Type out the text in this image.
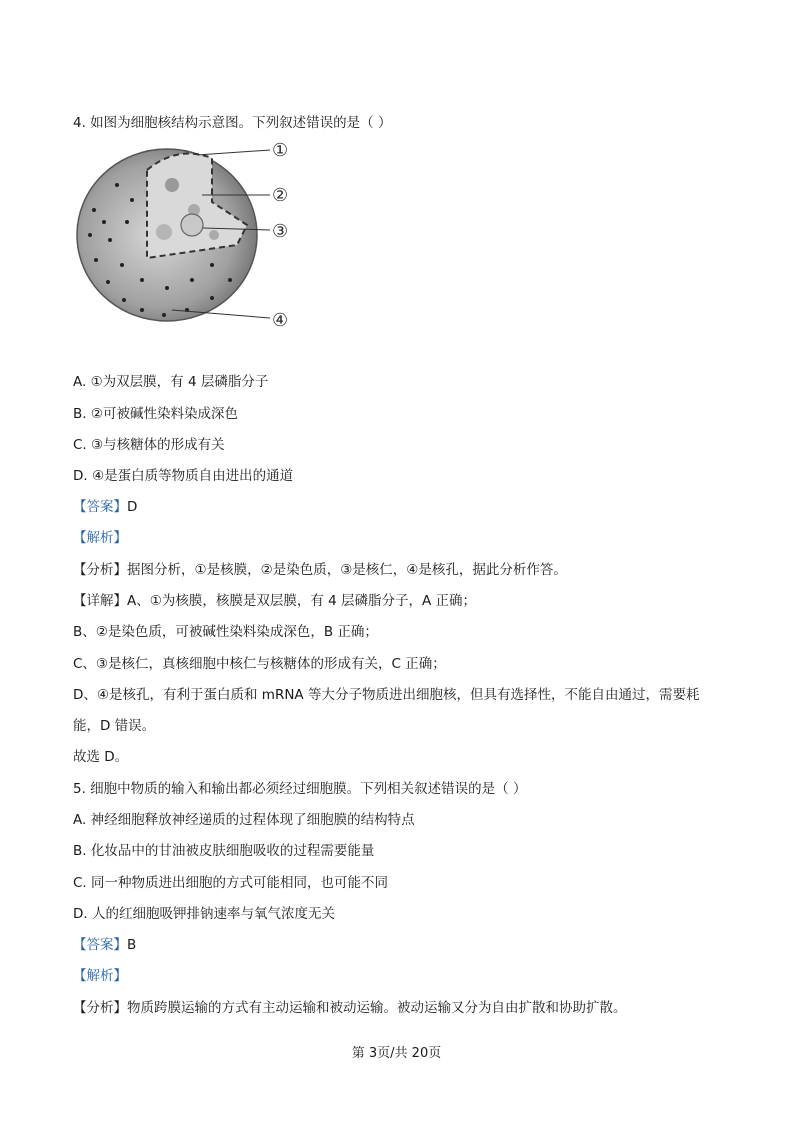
4. 如图为细胞核结构示意图。下列叙述错误的是（ ）
①
②
③
④
A. ①为双层膜，有 4 层磷脂分子
B. ②可被碱性染料染成深色
C. ③与核糖体的形成有关
D. ④是蛋白质等物质自由进出的通道
【答案】D
【解析】
【分析】据图分析，①是核膜，②是染色质，③是核仁，④是核孔，据此分析作答。
【详解】A、①为核膜，核膜是双层膜，有 4 层磷脂分子，A 正确；
B、②是染色质，可被碱性染料染成深色，B 正确；
C、③是核仁，真核细胞中核仁与核糖体的形成有关，C 正确；
D、④是核孔，有利于蛋白质和 mRNA 等大分子物质进出细胞核，但具有选择性，不能自由通过，需要耗
能，D 错误。
故选 D。
5. 细胞中物质的输入和输出都必须经过细胞膜。下列相关叙述错误的是（ ）
A. 神经细胞释放神经递质的过程体现了细胞膜的结构特点
B. 化妆品中的甘油被皮肤细胞吸收的过程需要能量
C. 同一种物质进出细胞的方式可能相同，也可能不同
D. 人的红细胞吸钾排钠速率与氧气浓度无关
【答案】B
【解析】
【分析】物质跨膜运输的方式有主动运输和被动运输。被动运输又分为自由扩散和协助扩散。
第 3页/共 20页
